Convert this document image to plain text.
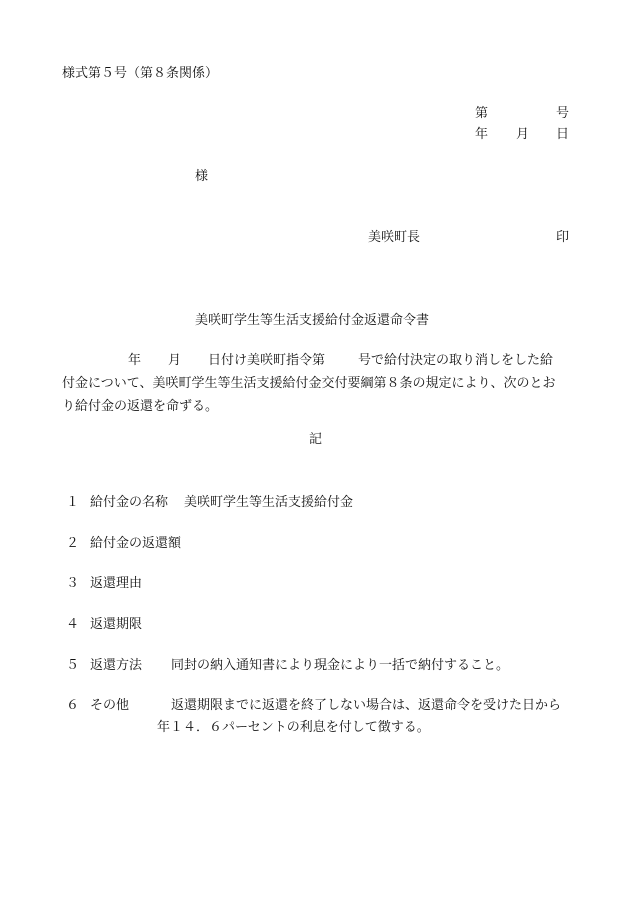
様式第５号（第８条関係）
第	号
年 月 日
様
美咲町長	印
美咲町学生等生活支援給付金返還命令書
年 月 日付け美咲町指令第	号で給付決定の取り消しをした給
付金について、美咲町学生等生活支援給付金交付要綱第８条の規定により、次のとお
り給付金の返還を命ずる。
記
１ 給付金の名称 美咲町学生等生活支援給付金
２ 給付金の返還額
３ 返還理由
４ 返還期限
５ 返還方法 同封の納入通知書により現金により一括で納付すること。
６ その他	返還期限までに返還を終了しない場合は、返還命令を受けた日から
年１４．６パーセントの利息を付して徴する。
